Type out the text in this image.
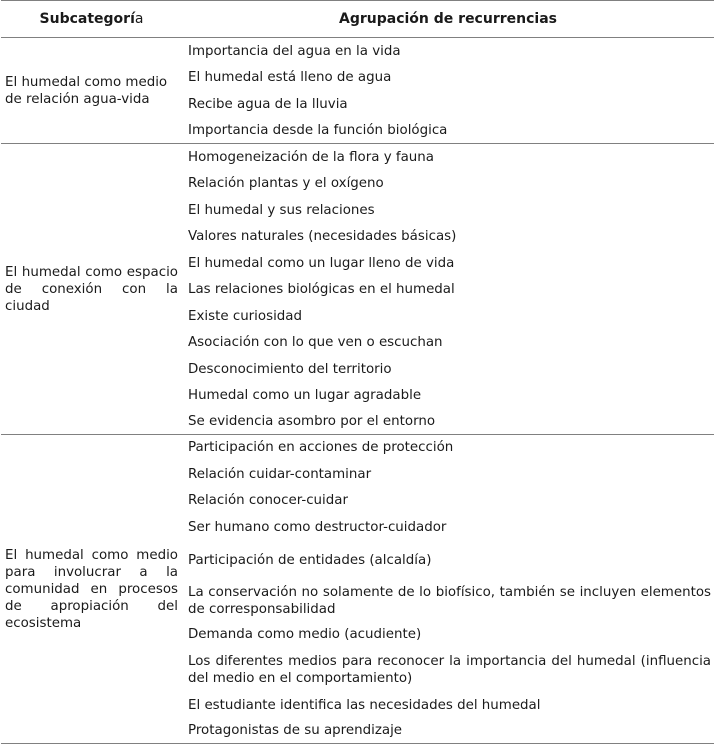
Subcategoría	Agrupación de recurrencias
El humedal como medio de relación agua-vida	Importancia del agua en la vida
	El humedal está lleno de agua
	Recibe agua de la lluvia
	Importancia desde la función biológica
El humedal como espacio de conexión con la ciudad	Homogeneización de la flora y fauna
	Relación plantas y el oxígeno
	El humedal y sus relaciones
	Valores naturales (necesidades básicas)
	El humedal como un lugar lleno de vida
	Las relaciones biológicas en el humedal
	Existe curiosidad
	Asociación con lo que ven o escuchan
	Desconocimiento del territorio
	Humedal como un lugar agradable
	Se evidencia asombro por el entorno
El humedal como medio para involucrar a la comunidad en procesos de apropiación del ecosistema	Participación en acciones de protección
	Relación cuidar-contaminar
	Relación conocer-cuidar
	Ser humano como destructor-cuidador
	Participación de entidades (alcaldía)
	La conservación no solamente de lo biofísico, también se incluyen elementos de corresponsabilidad
	Demanda como medio (acudiente)
	Los diferentes medios para reconocer la importancia del humedal (influencia del medio en el comportamiento)
	El estudiante identifica las necesidades del humedal
	Protagonistas de su aprendizaje
